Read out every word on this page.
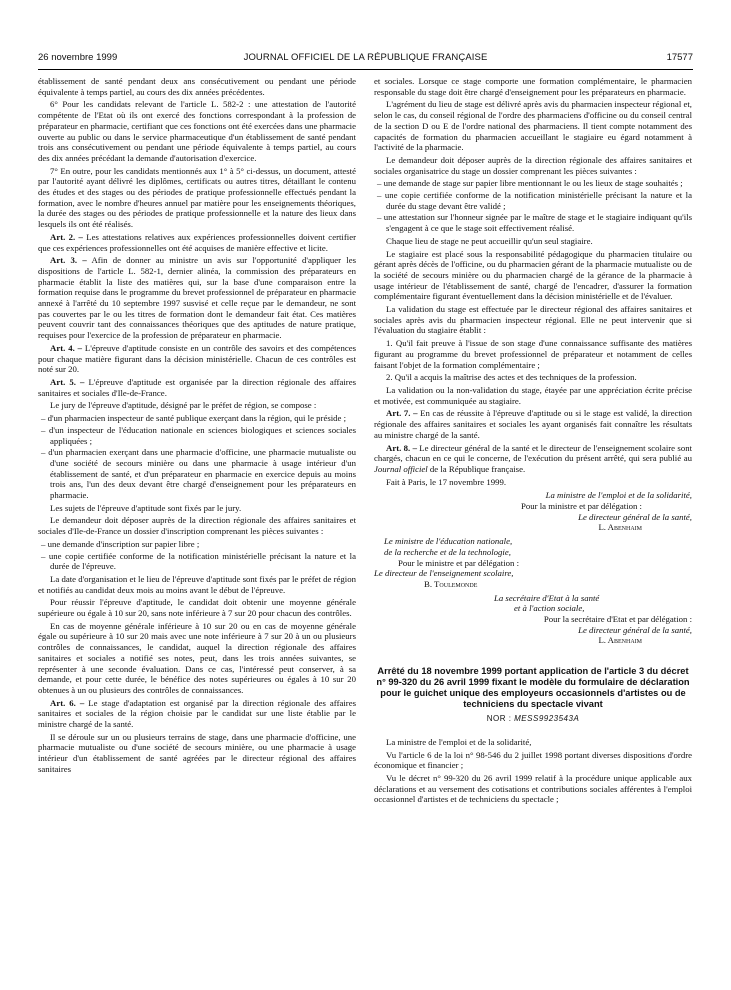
26 novembre 1999	JOURNAL OFFICIEL DE LA RÉPUBLIQUE FRANÇAISE	17577

établissement de santé pendant deux ans consécutivement ou pendant une période équivalente à temps partiel, au cours des dix années précédentes.

6° Pour les candidats relevant de l'article L. 582-2 : une attestation de l'autorité compétente de l'Etat où ils ont exercé des fonctions correspondant à la profession de préparateur en pharmacie, certifiant que ces fonctions ont été exercées dans une pharmacie ouverte au public ou dans le service pharmaceutique d'un établissement de santé pendant trois ans consécutivement ou pendant une période équivalente à temps partiel, au cours des dix années précédant la demande d'autorisation d'exercice.

7° En outre, pour les candidats mentionnés aux 1° à 5° ci-dessus, un document, attesté par l'autorité ayant délivré les diplômes, certificats ou autres titres, détaillant le contenu des études et des stages ou des périodes de pratique professionnelle effectués pendant la formation, avec le nombre d'heures annuel par matière pour les enseignements théoriques, la durée des stages ou des périodes de pratique professionnelle et la nature des lieux dans lesquels ils ont été réalisés.

Art. 2. – Les attestations relatives aux expériences professionnelles doivent certifier que ces expériences professionnelles ont été acquises de manière effective et licite.

Art. 3. – Afin de donner au ministre un avis sur l'opportunité d'appliquer les dispositions de l'article L. 582-1, dernier alinéa, la commission des préparateurs en pharmacie établit la liste des matières qui, sur la base d'une comparaison entre la formation requise dans le programme du brevet professionnel de préparateur en pharmacie annexé à l'arrêté du 10 septembre 1997 susvisé et celle reçue par le demandeur, ne sont pas couvertes par le ou les titres de formation dont le demandeur fait état. Ces matières peuvent couvrir tant des connaissances théoriques que des aptitudes de nature pratique, requises pour l'exercice de la profession de préparateur en pharmacie.

Art. 4. – L'épreuve d'aptitude consiste en un contrôle des savoirs et des compétences pour chaque matière figurant dans la décision ministérielle. Chacun de ces contrôles est noté sur 20.

Art. 5. – L'épreuve d'aptitude est organisée par la direction régionale des affaires sanitaires et sociales d'Ile-de-France.

Le jury de l'épreuve d'aptitude, désigné par le préfet de région, se compose :

– d'un pharmacien inspecteur de santé publique exerçant dans la région, qui le préside ;
– d'un inspecteur de l'éducation nationale en sciences biologiques et sciences sociales appliquées ;
– d'un pharmacien exerçant dans une pharmacie d'officine, une pharmacie mutualiste ou d'une société de secours minière ou dans une pharmacie à usage intérieur d'un établissement de santé, et d'un préparateur en pharmacie en exercice depuis au moins trois ans, l'un des deux devant être chargé d'enseignement pour les préparateurs en pharmacie.

Les sujets de l'épreuve d'aptitude sont fixés par le jury.

Le demandeur doit déposer auprès de la direction régionale des affaires sanitaires et sociales d'Ile-de-France un dossier d'inscription comprenant les pièces suivantes :

– une demande d'inscription sur papier libre ;
– une copie certifiée conforme de la notification ministérielle précisant la nature et la durée de l'épreuve.

La date d'organisation et le lieu de l'épreuve d'aptitude sont fixés par le préfet de région et notifiés au candidat deux mois au moins avant le début de l'épreuve.

Pour réussir l'épreuve d'aptitude, le candidat doit obtenir une moyenne générale supérieure ou égale à 10 sur 20, sans note inférieure à 7 sur 20 pour chacun des contrôles.

En cas de moyenne générale inférieure à 10 sur 20 ou en cas de moyenne générale égale ou supérieure à 10 sur 20 mais avec une note inférieure à 7 sur 20 à un ou plusieurs contrôles de connaissances, le candidat, auquel la direction régionale des affaires sanitaires et sociales a notifié ses notes, peut, dans les trois années suivantes, se représenter à une seconde évaluation. Dans ce cas, l'intéressé peut conserver, à sa demande, et pour cette durée, le bénéfice des notes supérieures ou égales à 10 sur 20 obtenues à un ou plusieurs des contrôles de connaissances.

Art. 6. – Le stage d'adaptation est organisé par la direction régionale des affaires sanitaires et sociales de la région choisie par le candidat sur une liste établie par le ministre chargé de la santé.

Il se déroule sur un ou plusieurs terrains de stage, dans une pharmacie d'officine, une pharmacie mutualiste ou d'une société de secours minière, ou une pharmacie à usage intérieur d'un établissement de santé agréées par le directeur régional des affaires sanitaires

et sociales. Lorsque ce stage comporte une formation complémentaire, le pharmacien responsable du stage doit être chargé d'enseignement pour les préparateurs en pharmacie.

L'agrément du lieu de stage est délivré après avis du pharmacien inspecteur régional et, selon le cas, du conseil régional de l'ordre des pharmaciens d'officine ou du conseil central de la section D ou E de l'ordre national des pharmaciens. Il tient compte notamment des capacités de formation du pharmacien accueillant le stagiaire eu égard notamment à l'activité de la pharmacie.

Le demandeur doit déposer auprès de la direction régionale des affaires sanitaires et sociales organisatrice du stage un dossier comprenant les pièces suivantes :

– une demande de stage sur papier libre mentionnant le ou les lieux de stage souhaités ;
– une copie certifiée conforme de la notification ministérielle précisant la nature et la durée du stage devant être validé ;
– une attestation sur l'honneur signée par le maître de stage et le stagiaire indiquant qu'ils s'engagent à ce que le stage soit effectivement réalisé.

Chaque lieu de stage ne peut accueillir qu'un seul stagiaire.

Le stagiaire est placé sous la responsabilité pédagogique du pharmacien titulaire ou gérant après décès de l'officine, ou du pharmacien gérant de la pharmacie mutualiste ou de la société de secours minière ou du pharmacien chargé de la gérance de la pharmacie à usage intérieur de l'établissement de santé, chargé de l'encadrer, d'assurer la formation complémentaire figurant éventuellement dans la décision ministérielle et de l'évaluer.

La validation du stage est effectuée par le directeur régional des affaires sanitaires et sociales après avis du pharmacien inspecteur régional. Elle ne peut intervenir que si l'évaluation du stagiaire établit :

1. Qu'il fait preuve à l'issue de son stage d'une connaissance suffisante des matières figurant au programme du brevet professionnel de préparateur et notamment de celles faisant l'objet de la formation complémentaire ;

2. Qu'il a acquis la maîtrise des actes et des techniques de la profession.

La validation ou la non-validation du stage, étayée par une appréciation écrite précise et motivée, est communiquée au stagiaire.

Art. 7. – En cas de réussite à l'épreuve d'aptitude ou si le stage est validé, la direction régionale des affaires sanitaires et sociales les ayant organisés fait connaître les résultats au ministre chargé de la santé.

Art. 8. – Le directeur général de la santé et le directeur de l'enseignement scolaire sont chargés, chacun en ce qui le concerne, de l'exécution du présent arrêté, qui sera publié au Journal officiel de la République française.

Fait à Paris, le 17 novembre 1999.

La ministre de l'emploi et de la solidarité,
Pour la ministre et par délégation :
Le directeur général de la santé,
L. Abenhaim
Le ministre de l'éducation nationale,
de la recherche et de la technologie,
Pour le ministre et par délégation :
Le directeur de l'enseignement scolaire,
B. Toulemonde
La secrétaire d'Etat à la santé
et à l'action sociale,
Pour la secrétaire d'Etat et par délégation :
Le directeur général de la santé,
L. Abenhaim
Arrêté du 18 novembre 1999 portant application de l'article 3 du décret n° 99-320 du 26 avril 1999 fixant le modèle du formulaire de déclaration pour le guichet unique des employeurs occasionnels d'artistes ou de techniciens du spectacle vivant
NOR : MESS9923543A

La ministre de l'emploi et de la solidarité,

Vu l'article 6 de la loi n° 98-546 du 2 juillet 1998 portant diverses dispositions d'ordre économique et financier ;

Vu le décret n° 99-320 du 26 avril 1999 relatif à la procédure unique applicable aux déclarations et au versement des cotisations et contributions sociales afférentes à l'emploi occasionnel d'artistes et de techniciens du spectacle ;
